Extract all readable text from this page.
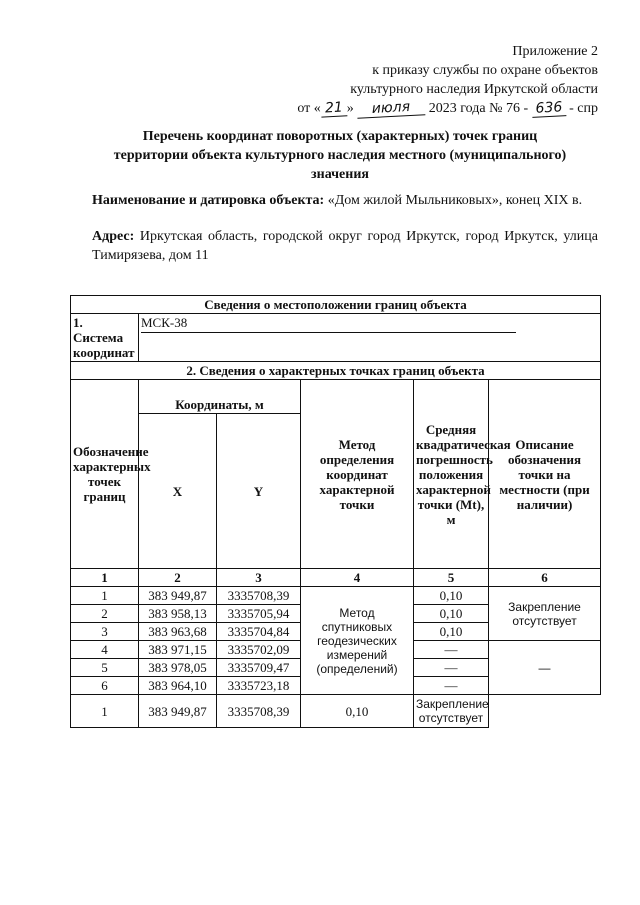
Приложение 2
к приказу службы по охране объектов
культурного наследия Иркутской области
от « 21 » июля 2023 года № 76 - 636 - спр
Перечень координат поворотных (характерных) точек границ
территории объекта культурного наследия местного (муниципального)
значения
Наименование и датировка объекта: «Дом жилой Мыльниковых», конец XIX в.
Адрес: Иркутская область, городской округ город Иркутск, город Иркутск, улица Тимирязева, дом 11
Сведения о местоположении границ объекта					
1. Система координат	МСК-38				

2. Сведения о характерных точках границ объекта					
Обозначение характерных точек границ	Координаты, м		Метод определения координат характерной точки	Средняя квадратическая погрешность положения характерной точки (Mt), м	Описание обозначения точки на местности (при наличии)
	X	Y			
1	2	3	4	5	6
1	383 949,87	3335708,39	Метод спутниковых геодезических измерений (определений)	0,10	Закрепление отсутствует
2	383 958,13	3335705,94		0,10	
3	383 963,68	3335704,84		0,10	
4	383 971,15	3335702,09		—	—
5	383 978,05	3335709,47		—	
6	383 964,10	3335723,18		—	
1	383 949,87	3335708,39	0,10	Закрепление отсутствует	
